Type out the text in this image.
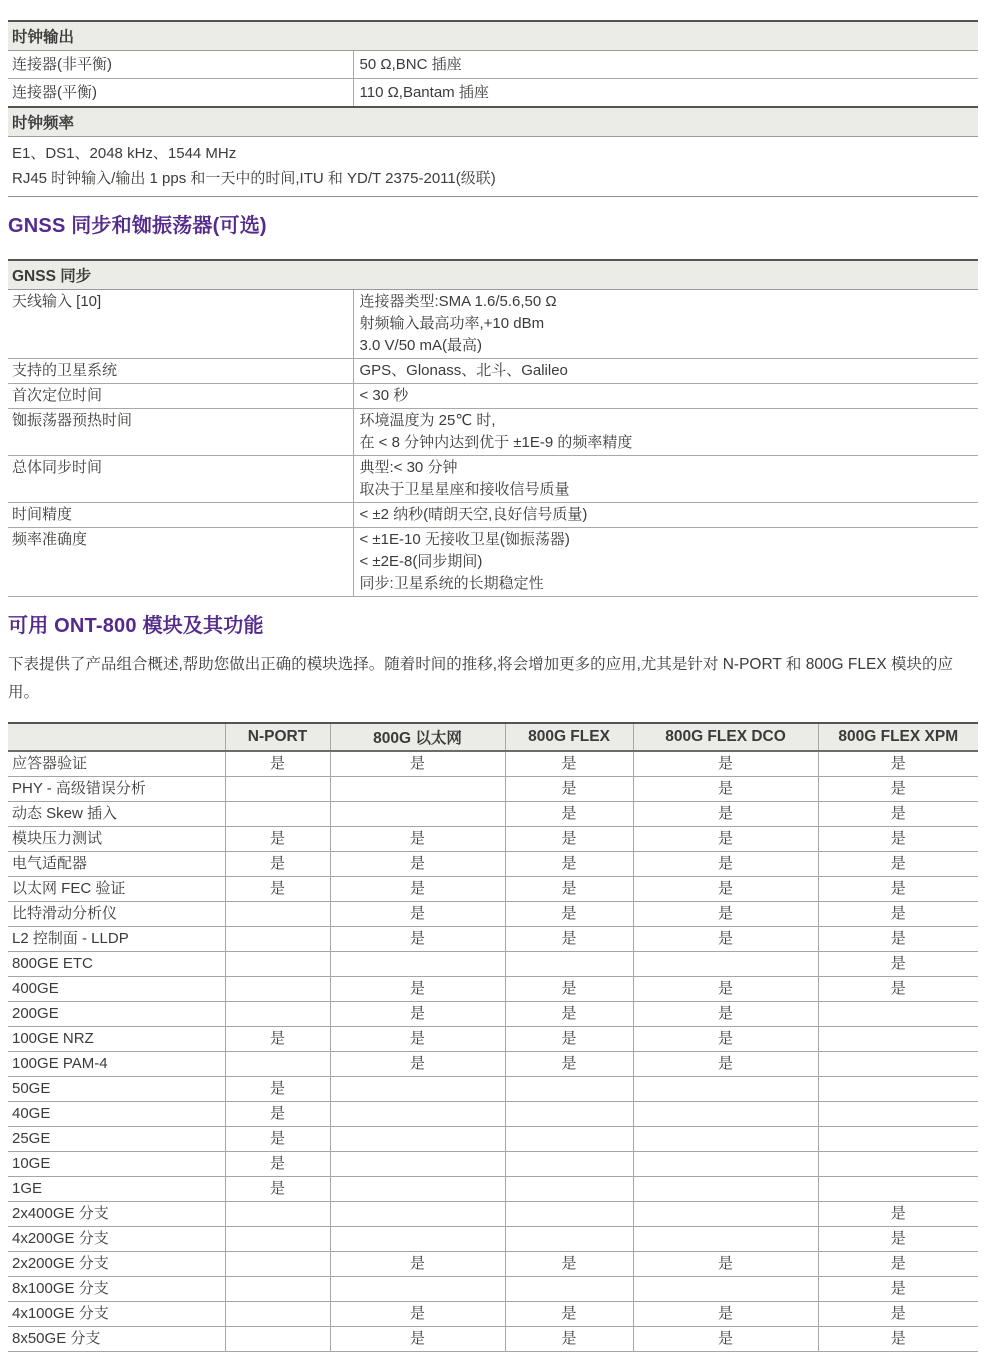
时钟输出	
连接器(非平衡)	50 Ω,BNC 插座
连接器(平衡)	110 Ω,Bantam 插座
时钟频率	

E1、DS1、2048 kHz、1544 MHz
RJ45 时钟输入/输出 1 pps 和一天中的时间,ITU 和 YD/T 2375-2011(级联)	
GNSS 同步和铷振荡器(可选)
GNSS 同步	
天线输入 [10]	连接器类型:SMA 1.6/5.6,50 Ω
射频输入最高功率,+10 dBm
3.0 V/50 mA(最高)

支持的卫星系统	GPS、Glonass、北斗、Galileo

首次定位时间	< 30 秒

铷振荡器预热时间	环境温度为 25℃ 时,
在 < 8 分钟内达到优于 ±1E-9 的频率精度

总体同步时间	典型:< 30 分钟
取决于卫星星座和接收信号质量

时间精度	< ±2 纳秒(晴朗天空,良好信号质量)

频率准确度	< ±1E-10 无接收卫星(铷振荡器)
< ±2E-8(同步期间)
同步:卫星系统的长期稳定性
可用 ONT-800 模块及其功能

下表提供了产品组合概述,帮助您做出正确的模块选择。随着时间的推移,将会增加更多的应用,尤其是针对 N-PORT 和 800G FLEX 模块的应用。

	N-PORT	800G 以太网	800G FLEX	800G FLEX DCO	800G FLEX XPM
应答器验证	是	是	是	是	是
PHY - 高级错误分析			是	是	是
动态 Skew 插入			是	是	是
模块压力测试	是	是	是	是	是
电气适配器	是	是	是	是	是
以太网 FEC 验证	是	是	是	是	是
比特滑动分析仪		是	是	是	是
L2 控制面 - LLDP		是	是	是	是
800GE ETC					是
400GE		是	是	是	是
200GE		是	是	是	
100GE NRZ	是	是	是	是	
100GE PAM-4		是	是	是	
50GE	是				
40GE	是				
25GE	是				
10GE	是				
1GE	是				
2x400GE 分支					是
4x200GE 分支					是
2x200GE 分支		是	是	是	是
8x100GE 分支					是
4x100GE 分支		是	是	是	是
8x50GE 分支		是	是	是	是
